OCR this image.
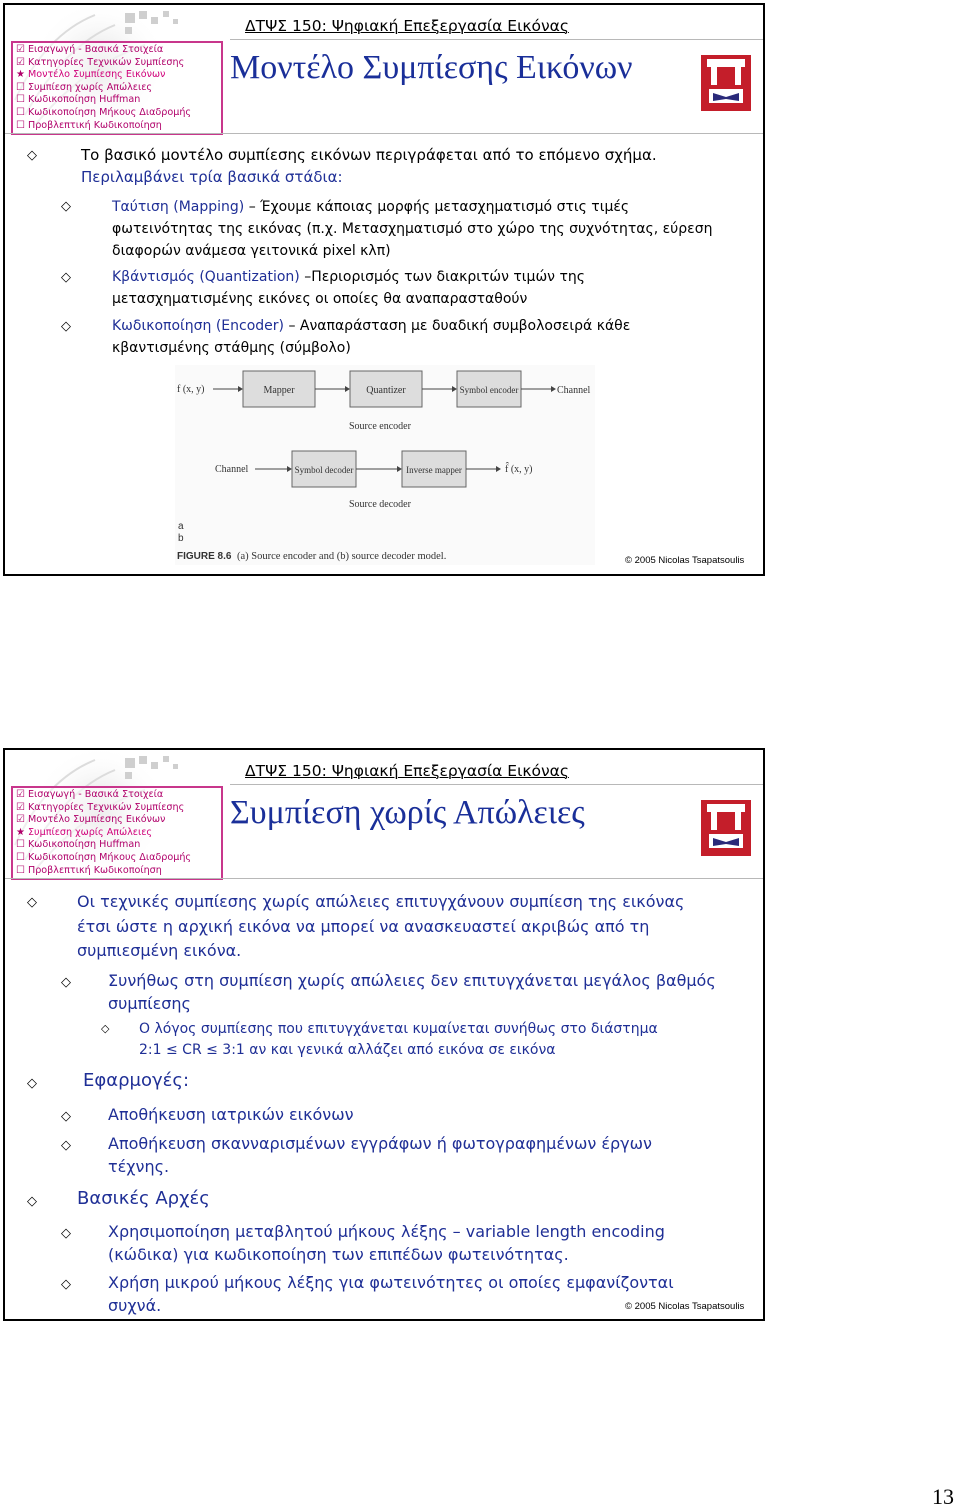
☑ Εισαγωγή - Βασικά Στοιχεία
☑ Κατηγορίες Τεχνικών Συμπίεσης
★ Μοντέλο Συμπίεσης Εικόνων
☐ Συμπίεση χωρίς Απώλειες
☐ Κωδικοποίηση Huffman
☐ Κωδικοποίηση Μήκους Διαδρομής
☐ Προβλεπτική Κωδικοποίηση
ΔΤΨΣ 150: Ψηφιακή Επεξεργασία Εικόνας
Μοντέλο Συμπίεσης Εικόνων
◇	Το βασικό μοντέλο συμπίεσης εικόνων περιγράφεται από το επόμενο σχήμα.
Περιλαμβάνει τρία βασικά στάδια:
◇	Ταύτιση (Mapping) – Έχουμε κάποιας μορφής μετασχηματισμό στις τιμές
φωτεινότητας της εικόνας (π.χ. Μετασχηματισμό στο χώρο της συχνότητας, εύρεση
διαφορών ανάμεσα γειτονικά pixel κλπ)
◇	Κβάντισμός (Quantization) –Περιορισμός των διακριτών τιμών της
μετασχηματισμένης εικόνες οι οποίες θα αναπαρασταθούν
◇	Κωδικοποίηση (Encoder) – Αναπαράσταση με δυαδική συμβολοσειρά κάθε
κβαντισμένης στάθμης (σύμβολο)
f (x, y)	Mapper	Quantizer	Symbol encoder	Channel
Source encoder
Channel	Symbol decoder	Inverse mapper	f̂ (x, y)
Source decoder
a
b
FIGURE 8.6 (a) Source encoder and (b) source decoder model.	© 2005 Nicolas Tsapatsoulis
☑ Εισαγωγή - Βασικά Στοιχεία
☑ Κατηγορίες Τεχνικών Συμπίεσης
☑ Μοντέλο Συμπίεσης Εικόνων
★ Συμπίεση χωρίς Απώλειες
☐ Κωδικοποίηση Huffman
☐ Κωδικοποίηση Μήκους Διαδρομής
☐ Προβλεπτική Κωδικοποίηση
ΔΤΨΣ 150: Ψηφιακή Επεξεργασία Εικόνας
Συμπίεση χωρίς Απώλειες
◇	Οι τεχνικές συμπίεσης χωρίς απώλειες επιτυγχάνουν συμπίεση της εικόνας
έτσι ώστε η αρχική εικόνα να μπορεί να ανασκευαστεί ακριβώς από τη
συμπιεσμένη εικόνα.
◇ Συνήθως στη συμπίεση χωρίς απώλειες δεν επιτυγχάνεται μεγάλος βαθμός
συμπίεσης
◇ Ο λόγος συμπίεσης που επιτυγχάνεται κυμαίνεται συνήθως στο διάστημα
2:1 ≤ CR ≤ 3:1 αν και γενικά αλλάζει από εικόνα σε εικόνα
◇	Εφαρμογές:
◇ Αποθήκευση ιατρικών εικόνων
◇ Αποθήκευση σκανναρισμένων εγγράφων ή φωτογραφημένων έργων
τέχνης.
◇ Βασικές Αρχές
◇ Χρησιμοποίηση μεταβλητού μήκους λέξης – variable length encoding
(κώδικα) για κωδικοποίηση των επιπέδων φωτεινότητας.
◇ Χρήση μικρού μήκους λέξης για φωτεινότητες οι οποίες εμφανίζονται
συχνά.	© 2005 Nicolas Tsapatsoulis
13
